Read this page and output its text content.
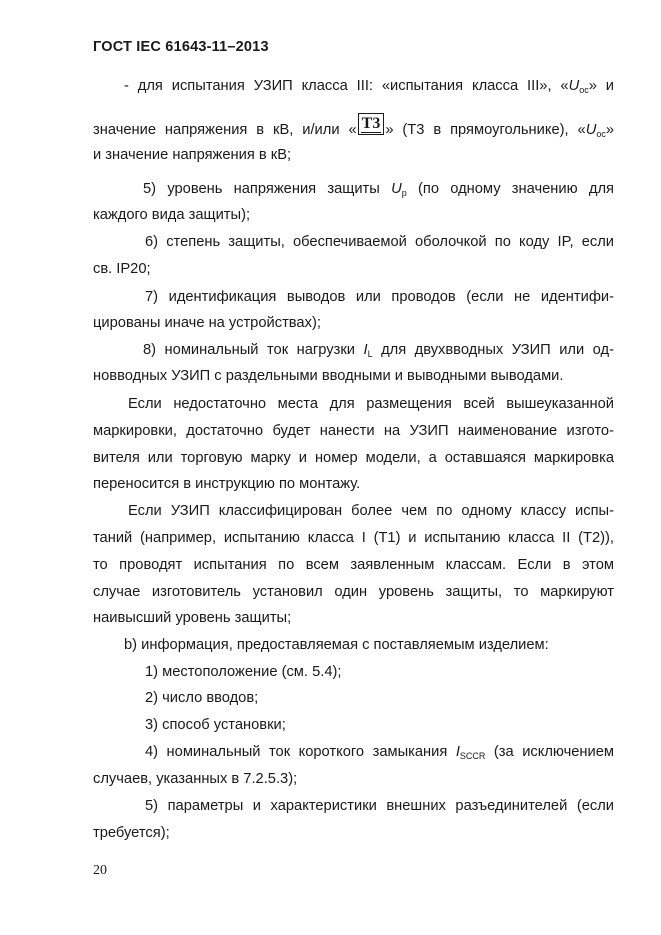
ГОСТ IEC 61643-11–2013
- для испытания УЗИП класса III: «испытания класса III», «$U_{ос}$» и
значение напряжения в кВ, и/или « T3 » (T3 в прямоугольнике), «$U_{ос}$»
и значение напряжения в кВ;
5) уровень напряжения защиты $U_p$ (по одному значению для
каждого вида защиты);
6) степень защиты, обеспечиваемой оболочкой по коду IP, если
св. IP20;
7) идентификация выводов или проводов (если не идентифи-
цированы иначе на устройствах);
8) номинальный ток нагрузки $I_L$ для двухвводных УЗИП или од-
новводных УЗИП с раздельными вводными и выводными выводами.
Если недостаточно места для размещения всей вышеуказанной
маркировки, достаточно будет нанести на УЗИП наименование изгото-
вителя или торговую марку и номер модели, а оставшаяся маркировка
переносится в инструкцию по монтажу.
Если УЗИП классифицирован более чем по одному классу испы-
таний (например, испытанию класса I (T1) и испытанию класса II (T2)),
то проводят испытания по всем заявленным классам. Если в этом
случае изготовитель установил один уровень защиты, то маркируют
наивысший уровень защиты;
b) информация, предоставляемая с поставляемым изделием:
1) местоположение (см. 5.4);
2) число вводов;
3) способ установки;
4) номинальный ток короткого замыкания $I_{SCCR}$ (за исключением
случаев, указанных в 7.2.5.3);
5) параметры и характеристики внешних разъединителей (если
требуется);
20
